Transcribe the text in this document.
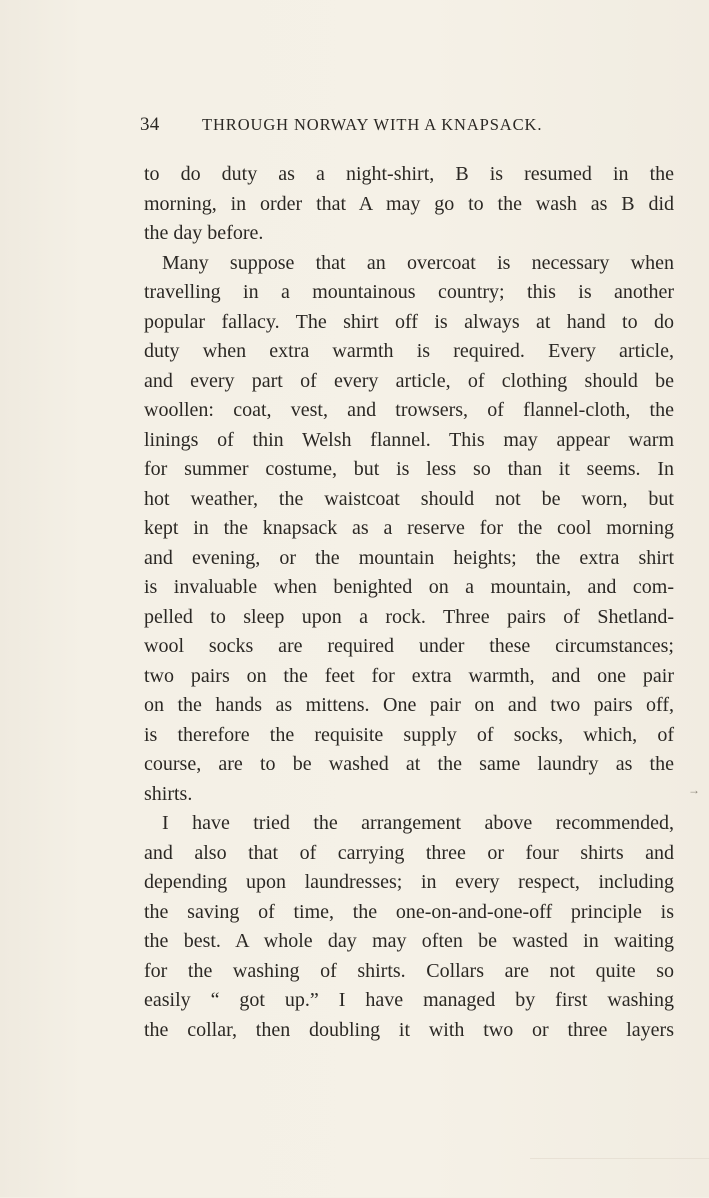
34	THROUGH NORWAY WITH A KNAPSACK.
to do duty as a night-shirt, B is resumed in the
morning, in order that A may go to the wash as B did
the day before.
Many suppose that an overcoat is necessary when
travelling in a mountainous country; this is another
popular fallacy. The shirt off is always at hand to do
duty when extra warmth is required. Every article,
and every part of every article, of clothing should be
woollen: coat, vest, and trowsers, of flannel-cloth, the
linings of thin Welsh flannel. This may appear warm
for summer costume, but is less so than it seems. In
hot weather, the waistcoat should not be worn, but
kept in the knapsack as a reserve for the cool morning
and evening, or the mountain heights; the extra shirt
is invaluable when benighted on a mountain, and com-
pelled to sleep upon a rock. Three pairs of Shetland-
wool socks are required under these circumstances;
two pairs on the feet for extra warmth, and one pair
on the hands as mittens. One pair on and two pairs off,
is therefore the requisite supply of socks, which, of
course, are to be washed at the same laundry as the
shirts.
I have tried the arrangement above recommended,
and also that of carrying three or four shirts and
depending upon laundresses; in every respect, including
the saving of time, the one-on-and-one-off principle is
the best. A whole day may often be wasted in waiting
for the washing of shirts. Collars are not quite so
easily “ got up.” I have managed by first washing
the collar, then doubling it with two or three layers
→
